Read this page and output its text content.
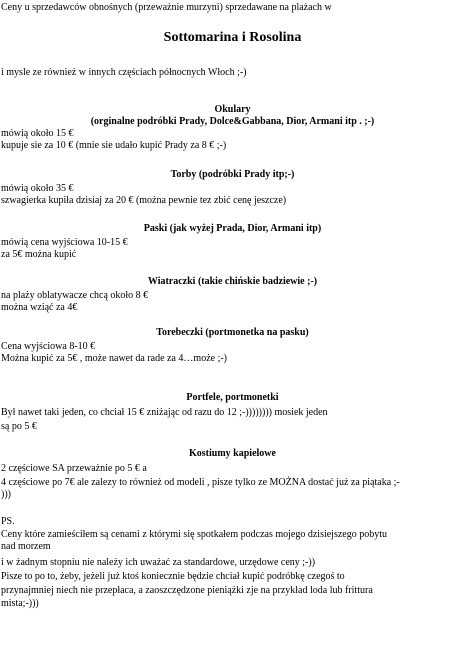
Ceny u sprzedawców obnośnych (przeważnie murzyni) sprzedawane na plażach w

Sottomarina i Rosolina

i mysle ze również w innych częściach północnych Włoch ;-)

Okulary

(orginalne podróbki Prady, Dolce&Gabbana, Dior, Armani itp . ;-)

mówią około 15 €

kupuje sie za 10 € (mnie sie udało kupić Prady za 8 € ;-)

Torby (podróbki Prady itp;-)

mówią około 35 €

szwagierka kupiła dzisiaj za 20 € (można pewnie tez zbić cenę jeszcze)

Paski (jak wyżej Prada, Dior, Armani itp)

mówią cena wyjściowa 10-15 €

za 5€ można kupić

Wiatraczki (takie chińskie badziewie ;-)

na plaży oblatywacze chcą około 8 €

można wziąć za 4€

Torebeczki (portmonetka na pasku)

Cena wyjściowa 8-10 €

Można kupić za 5€ , może nawet da rade za 4…może ;-)

Portfele, portmonetki

Był nawet taki jeden, co chciał 15 € zniżając od razu do 12 ;-)))))))) mosiek jeden

są po 5 €

Kostiumy kapielowe

2 częściowe SA przeważnie po 5 € a

4 częściowe po 7€ ale zalezy to również od modeli , pisze tylko ze MOŻNA dostać już za piątaka ;-

)))

PS.

Ceny które zamieściłem są cenami z którymi się spotkałem podczas mojego dzisiejszego pobytu

nad morzem

i w żadnym stopniu nie należy ich uważać za standardowe, urzędowe ceny ;-))

Pisze to po to, żeby, jeżeli już ktoś koniecznie będzie chciał kupić podróbkę czegoś to

przynajmniej niech nie przepłaca, a zaoszczędzone pieniążki zje na przykład loda lub frittura

mista;-)))
